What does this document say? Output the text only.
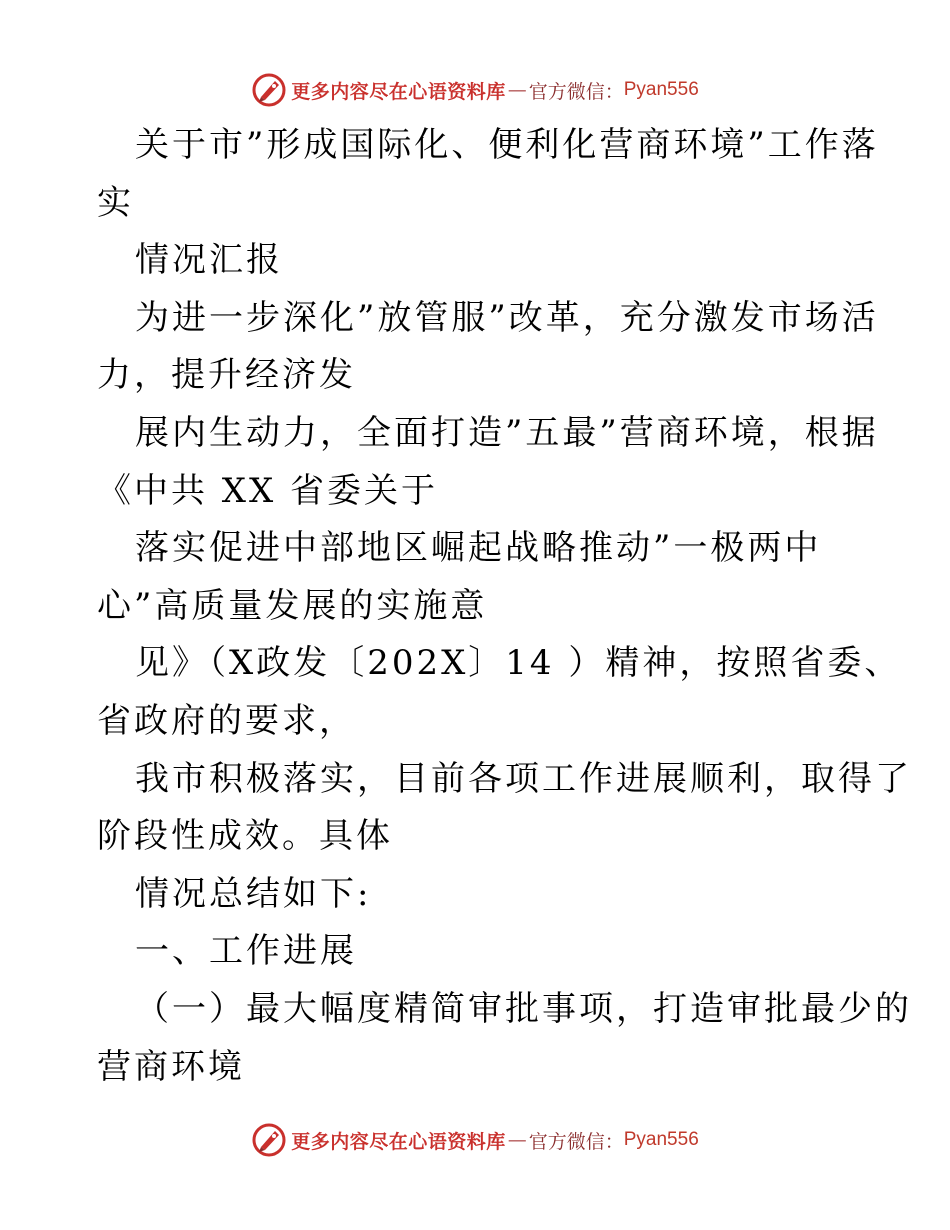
更多内容尽在心语资料库 — 官方微信： Pyan556
关于市”形成国际化、便利化营商环境”工作落
实
情况汇报
为进一步深化”放管服”改革，充分激发市场活
力，提升经济发
展内生动力，全面打造”五最”营商环境，根据
《中共 XX 省委关于
落实促进中部地区崛起战略推动”一极两中
心”高质量发展的实施意
见》（X政发〔202X〕14 ）精神，按照省委、
省政府的要求，
我市积极落实，目前各项工作进展顺利，取得了
阶段性成效。具体
情况总结如下:
一、工作进展
（一）最大幅度精简审批事项，打造审批最少的
营商环境
更多内容尽在心语资料库 — 官方微信： Pyan556
